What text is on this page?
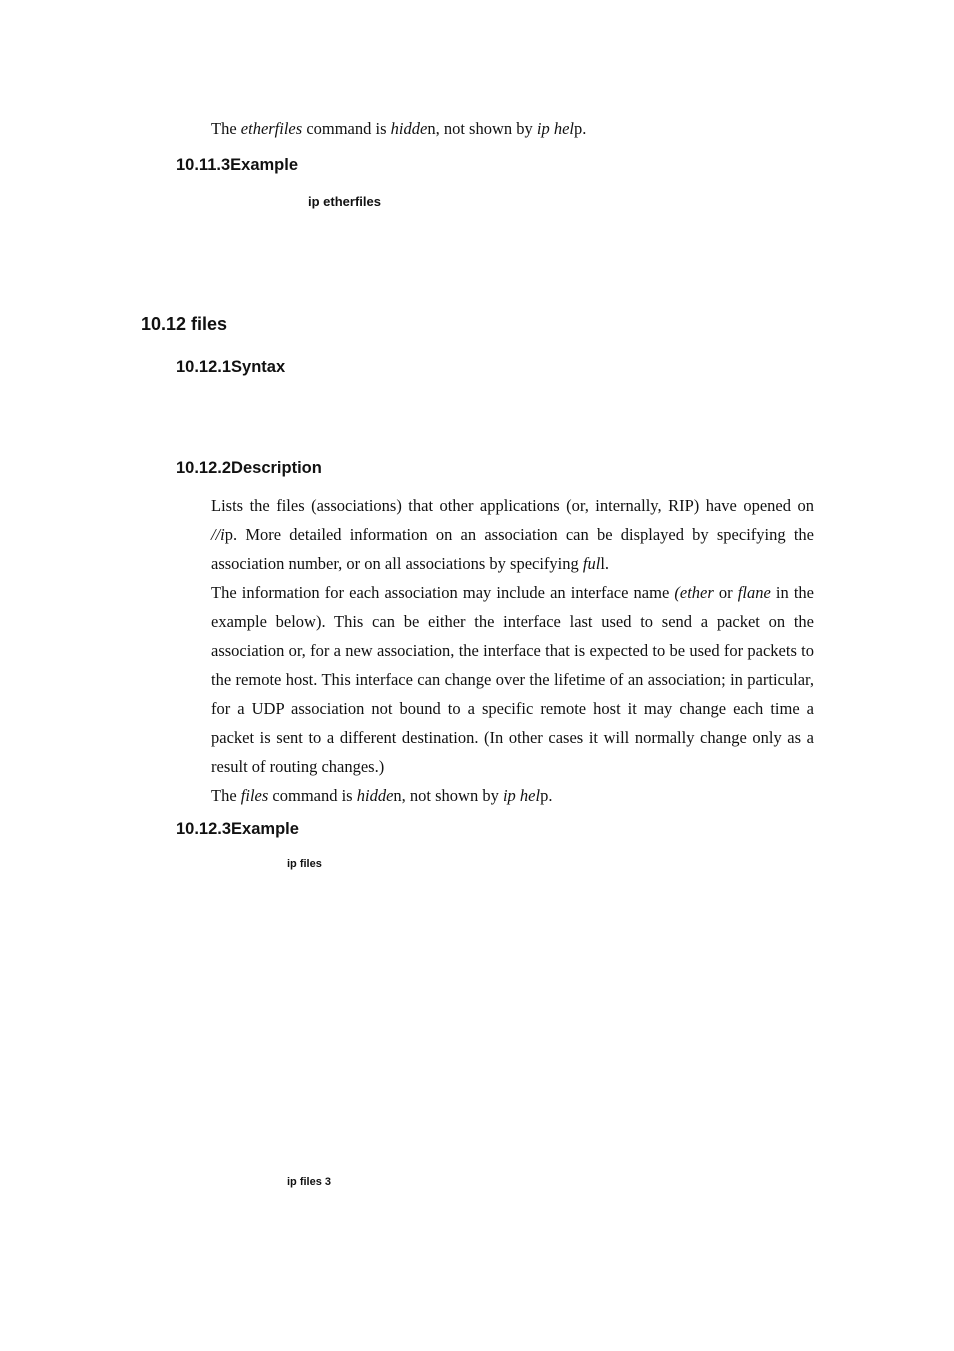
The etherfiles command is hidden, not shown by ip help.
10.11.3Example
ip etherfiles
10.12 files
10.12.1Syntax
10.12.2Description

Lists the files (associations) that other applications (or, internally, RIP) have opened on //ip. More detailed information on an association can be displayed by specifying the association number, or on all associations by specifying full.

The information for each association may include an interface name (ether or flane in the example below). This can be either the interface last used to send a packet on the association or, for a new association, the interface that is expected to be used for packets to the remote host. This interface can change over the lifetime of an association; in particular, for a UDP association not bound to a specific remote host it may change each time a packet is sent to a different destination. (In other cases it will normally change only as a result of routing changes.)

The files command is hidden, not shown by ip help.

10.12.3Example
ip files
ip files 3
